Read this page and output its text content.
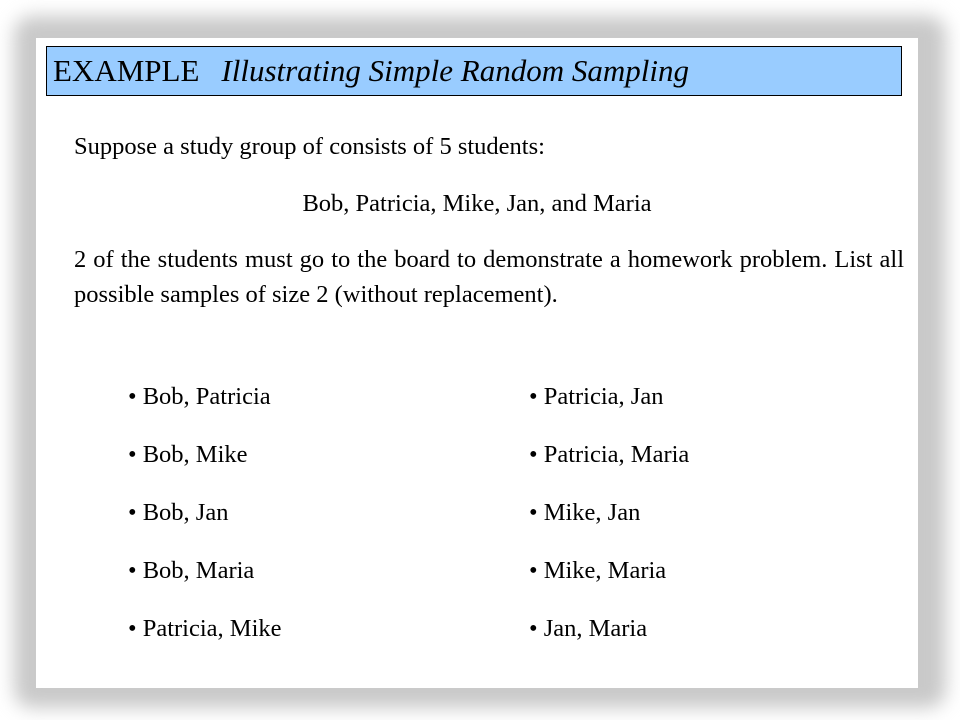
EXAMPLE Illustrating Simple Random Sampling

Suppose a study group of consists of 5 students:

Bob, Patricia, Mike, Jan, and Maria

2 of the students must go to the board to demonstrate a homework problem. List all possible samples of size 2 (without replacement).

• Bob, Patricia
• Bob, Mike
• Bob, Jan
• Bob, Maria
• Patricia, Mike
• Patricia, Jan
• Patricia, Maria
• Mike, Jan
• Mike, Maria
• Jan, Maria
